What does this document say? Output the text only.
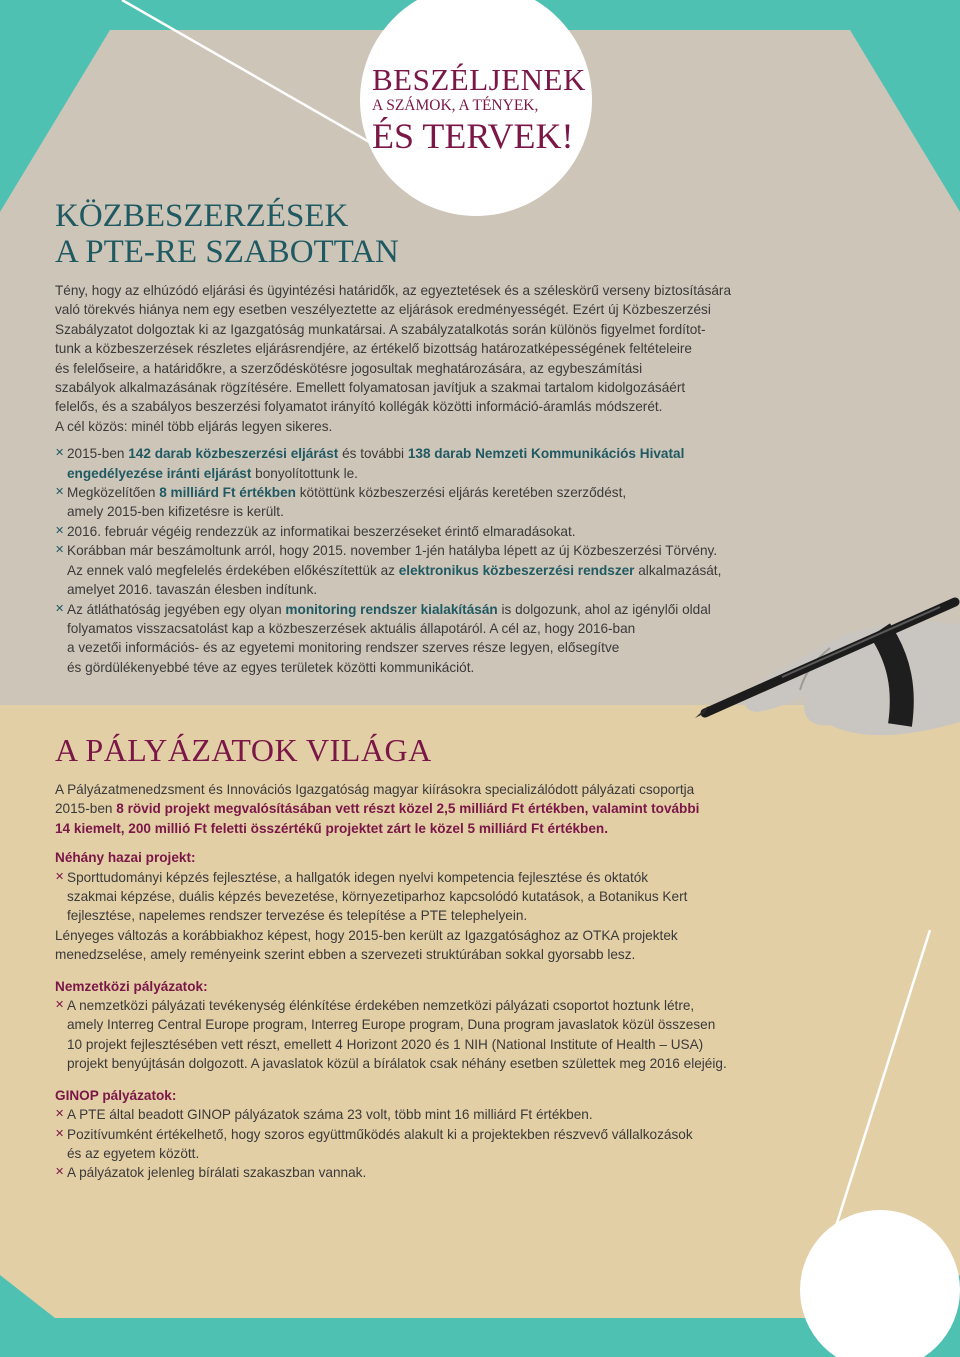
BESZÉLJENEK
A SZÁMOK, A TÉNYEK,
ÉS TERVEK!
KÖZBESZERZÉSEK
A PTE-RE SZABOTTAN
Tény, hogy az elhúzódó eljárási és ügyintézési határidők, az egyeztetések és a széleskörű verseny biztosítására
való törekvés hiánya nem egy esetben veszélyeztette az eljárások eredményességét. Ezért új Közbeszerzési
Szabályzatot dolgoztak ki az Igazgatóság munkatársai. A szabályzatalkotás során különös figyelmet fordítot-
tunk a közbeszerzések részletes eljárásrendjére, az értékelő bizottság határozatképességének feltételeire
és felelőseire, a határidőkre, a szerződéskötésre jogosultak meghatározására, az egybeszámítási
szabályok alkalmazásának rögzítésére. Emellett folyamatosan javítjuk a szakmai tartalom kidolgozásáért
felelős, és a szabályos beszerzési folyamatot irányító kollégák közötti információ-áramlás módszerét.
A cél közös: minél több eljárás legyen sikeres.
✕ 2015-ben 142 darab közbeszerzési eljárást és további 138 darab Nemzeti Kommunikációs Hivatal
engedélyezése iránti eljárást bonyolítottunk le.
✕ Megközelítően 8 milliárd Ft értékben kötöttünk közbeszerzési eljárás keretében szerződést,
amely 2015-ben kifizetésre is került.
✕ 2016. február végéig rendezzük az informatikai beszerzéseket érintő elmaradásokat.
✕ Korábban már beszámoltunk arról, hogy 2015. november 1-jén hatályba lépett az új Közbeszerzési Törvény.
Az ennek való megfelelés érdekében előkészítettük az elektronikus közbeszerzési rendszer alkalmazását,
amelyet 2016. tavaszán élesben indítunk.
✕ Az átláthatóság jegyében egy olyan monitoring rendszer kialakításán is dolgozunk, ahol az igénylői oldal
folyamatos visszacsatolást kap a közbeszerzések aktuális állapotáról. A cél az, hogy 2016-ban
a vezetői információs- és az egyetemi monitoring rendszer szerves része legyen, elősegítve
és gördülékenyebbé téve az egyes területek közötti kommunikációt.
A PÁLYÁZATOK VILÁGA
A Pályázatmenedzsment és Innovációs Igazgatóság magyar kiírásokra specializálódott pályázati csoportja
2015-ben 8 rövid projekt megvalósításában vett részt közel 2,5 milliárd Ft értékben, valamint további
14 kiemelt, 200 millió Ft feletti összértékű projektet zárt le közel 5 milliárd Ft értékben.
Néhány hazai projekt:
✕ Sporttudományi képzés fejlesztése, a hallgatók idegen nyelvi kompetencia fejlesztése és oktatók
szakmai képzése, duális képzés bevezetése, környezetiparhoz kapcsolódó kutatások, a Botanikus Kert
fejlesztése, napelemes rendszer tervezése és telepítése a PTE telephelyein.
Lényeges változás a korábbiakhoz képest, hogy 2015-ben került az Igazgatósághoz az OTKA projektek
menedzselése, amely reményeink szerint ebben a szervezeti struktúrában sokkal gyorsabb lesz.
Nemzetközi pályázatok:
✕ A nemzetközi pályázati tevékenység élénkítése érdekében nemzetközi pályázati csoportot hoztunk létre,
amely Interreg Central Europe program, Interreg Europe program, Duna program javaslatok közül összesen
10 projekt fejlesztésében vett részt, emellett 4 Horizont 2020 és 1 NIH (National Institute of Health – USA)
projekt benyújtásán dolgozott. A javaslatok közül a bírálatok csak néhány esetben születtek meg 2016 elejéig.
GINOP pályázatok:
✕ A PTE által beadott GINOP pályázatok száma 23 volt, több mint 16 milliárd Ft értékben.
✕ Pozitívumként értékelhető, hogy szoros együttműködés alakult ki a projektekben részvevő vállalkozások
és az egyetem között.
✕ A pályázatok jelenleg bírálati szakaszban vannak.
